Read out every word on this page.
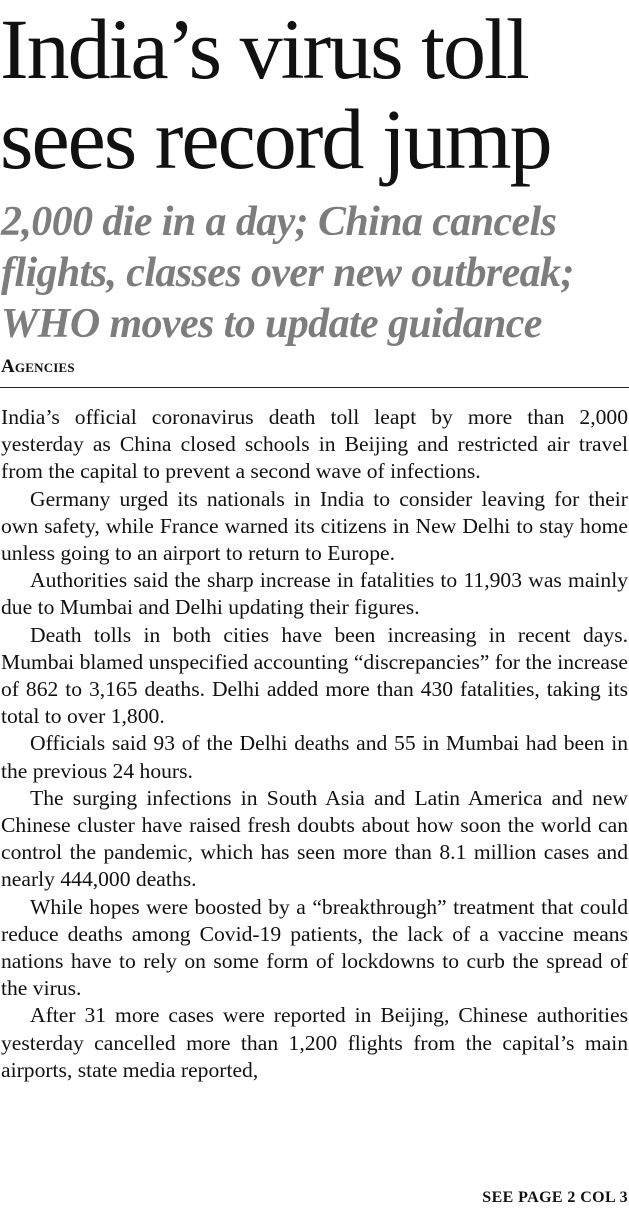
India’s virus toll
sees record jump
2,000 die in a day; China cancels
flights, classes over new outbreak;
WHO moves to update guidance
Agencies

India’s official coronavirus death toll leapt by more than 2,000 yesterday as China closed schools in Beijing and restricted air travel from the capital to prevent a second wave of infections.

Germany urged its nationals in India to consider leaving for their own safety, while France warned its citizens in New Delhi to stay home unless going to an airport to return to Europe.

Authorities said the sharp increase in fatalities to 11,903 was mainly due to Mumbai and Delhi updating their figures.

Death tolls in both cities have been increasing in recent days. Mumbai blamed unspecified accounting “discrepancies” for the increase of 862 to 3,165 deaths. Delhi added more than 430 fatalities, taking its total to over 1,800.

Officials said 93 of the Delhi deaths and 55 in Mumbai had been in the previous 24 hours.

The surging infections in South Asia and Latin America and new Chinese cluster have raised fresh doubts about how soon the world can control the pandemic, which has seen more than 8.1 million cases and nearly 444,000 deaths.

While hopes were boosted by a “breakthrough” treatment that could reduce deaths among Covid-19 patients, the lack of a vaccine means nations have to rely on some form of lockdowns to curb the spread of the virus.

After 31 more cases were reported in Beijing, Chinese authorities yesterday cancelled more than 1,200 flights from the capital’s main airports, state media reported,

SEE PAGE 2 COL 3
